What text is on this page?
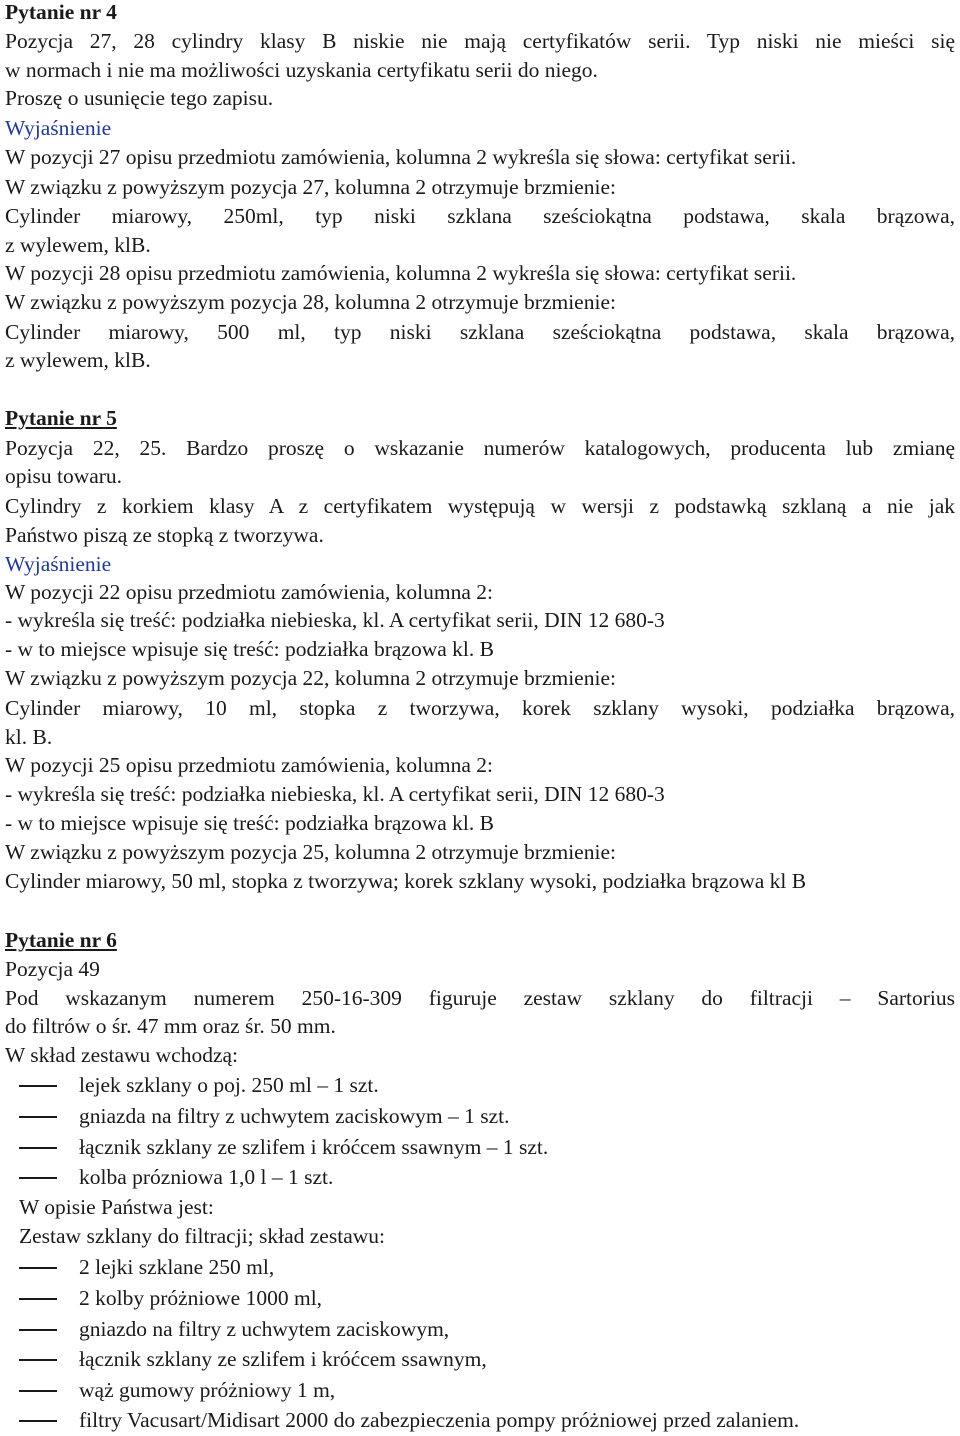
Pytanie nr 4
Pozycja 27, 28 cylindry klasy B niskie nie mają certyfikatów serii. Typ niski nie mieści się
w normach i nie ma możliwości uzyskania certyfikatu serii do niego.
Proszę o usunięcie tego zapisu.
Wyjaśnienie
W pozycji 27 opisu przedmiotu zamówienia, kolumna 2 wykreśla się słowa: certyfikat serii.
W związku z powyższym pozycja 27, kolumna 2 otrzymuje brzmienie:
Cylinder miarowy, 250ml, typ niski szklana sześciokątna podstawa, skala brązowa,
z wylewem, klB.
W pozycji 28 opisu przedmiotu zamówienia, kolumna 2 wykreśla się słowa: certyfikat serii.
W związku z powyższym pozycja 28, kolumna 2 otrzymuje brzmienie:
Cylinder miarowy, 500 ml, typ niski szklana sześciokątna podstawa, skala brązowa,
z wylewem, klB.
Pytanie nr 5
Pozycja 22, 25. Bardzo proszę o wskazanie numerów katalogowych, producenta lub zmianę
opisu towaru.
Cylindry z korkiem klasy A z certyfikatem występują w wersji z podstawką szklaną a nie jak
Państwo piszą ze stopką z tworzywa.
Wyjaśnienie
W pozycji 22 opisu przedmiotu zamówienia, kolumna 2:
- wykreśla się treść: podziałka niebieska, kl. A certyfikat serii, DIN 12 680-3
- w to miejsce wpisuje się treść: podziałka brązowa kl. B
W związku z powyższym pozycja 22, kolumna 2 otrzymuje brzmienie:
Cylinder miarowy, 10 ml, stopka z tworzywa, korek szklany wysoki, podziałka brązowa,
kl. B.
W pozycji 25 opisu przedmiotu zamówienia, kolumna 2:
- wykreśla się treść: podziałka niebieska, kl. A certyfikat serii, DIN 12 680-3
- w to miejsce wpisuje się treść: podziałka brązowa kl. B
W związku z powyższym pozycja 25, kolumna 2 otrzymuje brzmienie:
Cylinder miarowy, 50 ml, stopka z tworzywa; korek szklany wysoki, podziałka brązowa kl B
Pytanie nr 6
Pozycja 49
Pod wskazanym numerem 250-16-309 figuruje zestaw szklany do filtracji – Sartorius
do filtrów o śr. 47 mm oraz śr. 50 mm.
W skład zestawu wchodzą:
lejek szklany o poj. 250 ml – 1 szt.
gniazda na filtry z uchwytem zaciskowym – 1 szt.
łącznik szklany ze szlifem i króćcem ssawnym – 1 szt.
kolba prózniowa 1,0 l – 1 szt.
W opisie Państwa jest:
Zestaw szklany do filtracji; skład zestawu:
2 lejki szklane 250 ml,
2 kolby próżniowe 1000 ml,
gniazdo na filtry z uchwytem zaciskowym,
łącznik szklany ze szlifem i króćcem ssawnym,
wąż gumowy próżniowy 1 m,
filtry Vacusart/Midisart 2000 do zabezpieczenia pompy próżniowej przed zalaniem.
